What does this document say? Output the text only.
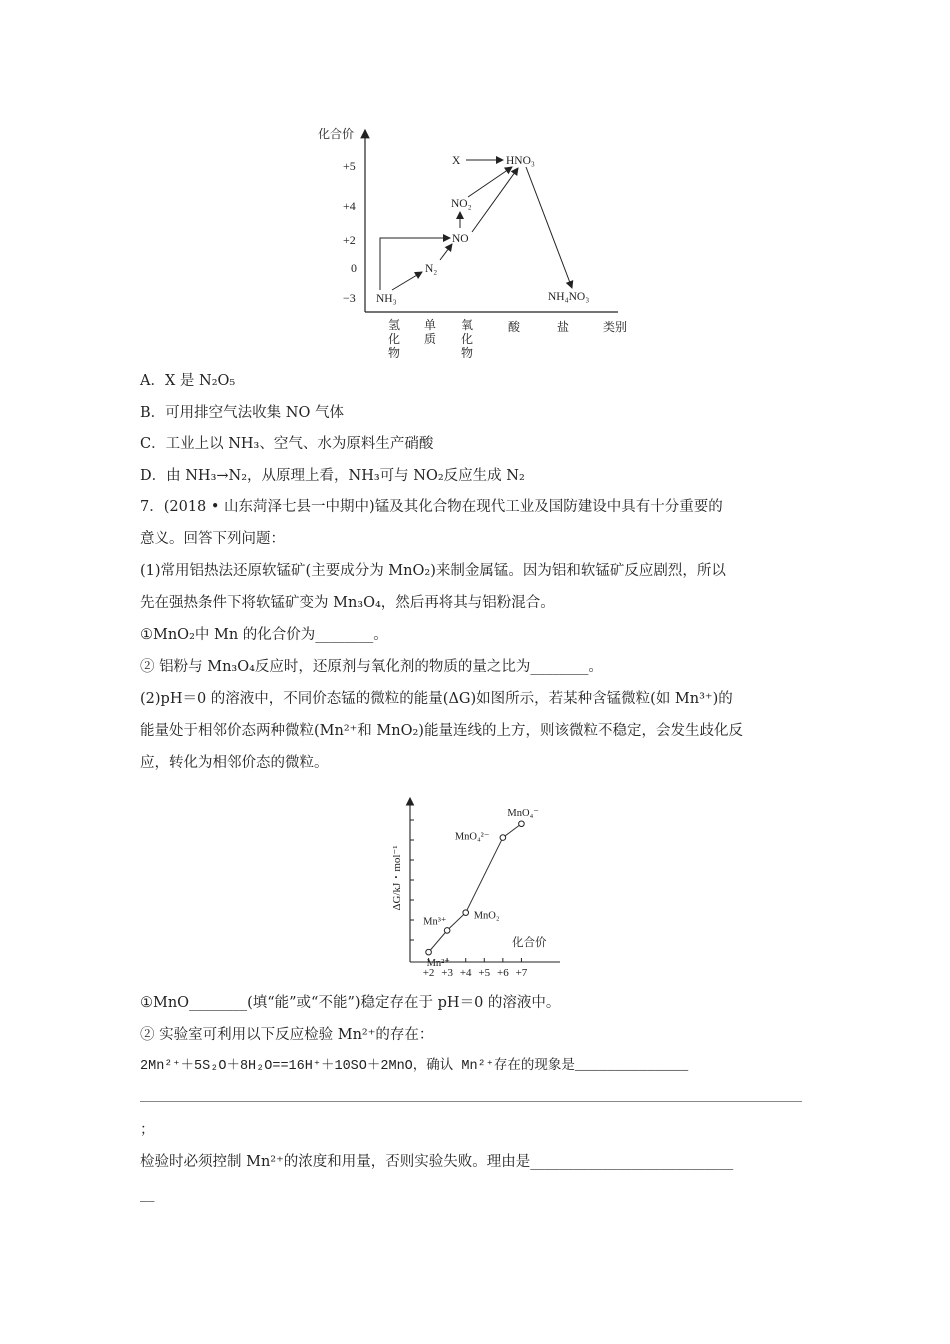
化合价
+5
+4
+2
0
−3
氢化物
单质
氧化物
酸	盐	类别
X	HNO₃
NO₂
NO
N₂
NH₃	NH₄NO₃
A．X 是 N₂O₅
B．可用排空气法收集 NO 气体
C．工业上以 NH₃、空气、水为原料生产硝酸
D．由 NH₃→N₂，从原理上看，NH₃可与 NO₂反应生成 N₂
7．(2018 • 山东菏泽七县一中期中)锰及其化合物在现代工业及国防建设中具有十分重要的
意义。回答下列问题：
(1)常用铝热法还原软锰矿(主要成分为 MnO₂)来制金属锰。因为铝和软锰矿反应剧烈，所以
先在强热条件下将软锰矿变为 Mn₃O₄，然后再将其与铝粉混合。
①MnO₂中 Mn 的化合价为________。
② 铝粉与 Mn₃O₄反应时，还原剂与氧化剂的物质的量之比为________。
(2)pH＝0 的溶液中，不同价态锰的微粒的能量(ΔG)如图所示，若某种含锰微粒(如 Mn³⁺)的
能量处于相邻价态两种微粒(Mn²⁺和 MnO₂)能量连线的上方，则该微粒不稳定，会发生歧化反
应，转化为相邻价态的微粒。
ΔG/kJ・mol⁻¹
化合价
+2 +3 +4 +5 +6 +7
Mn²⁺
Mn³⁺
MnO₂
MnO₄²⁻
MnO₄⁻
①MnO________(填“能”或“不能”)稳定存在于 pH＝0 的溶液中。
② 实验室可利用以下反应检验 Mn²⁺的存在：
2Mn²⁺＋5S₂O＋8H₂O==16H⁺＋10SO＋2MnO，确认 Mn²⁺存在的现象是______________
；
检验时必须控制 Mn²⁺的浓度和用量，否则实验失败。理由是____________________________
__
